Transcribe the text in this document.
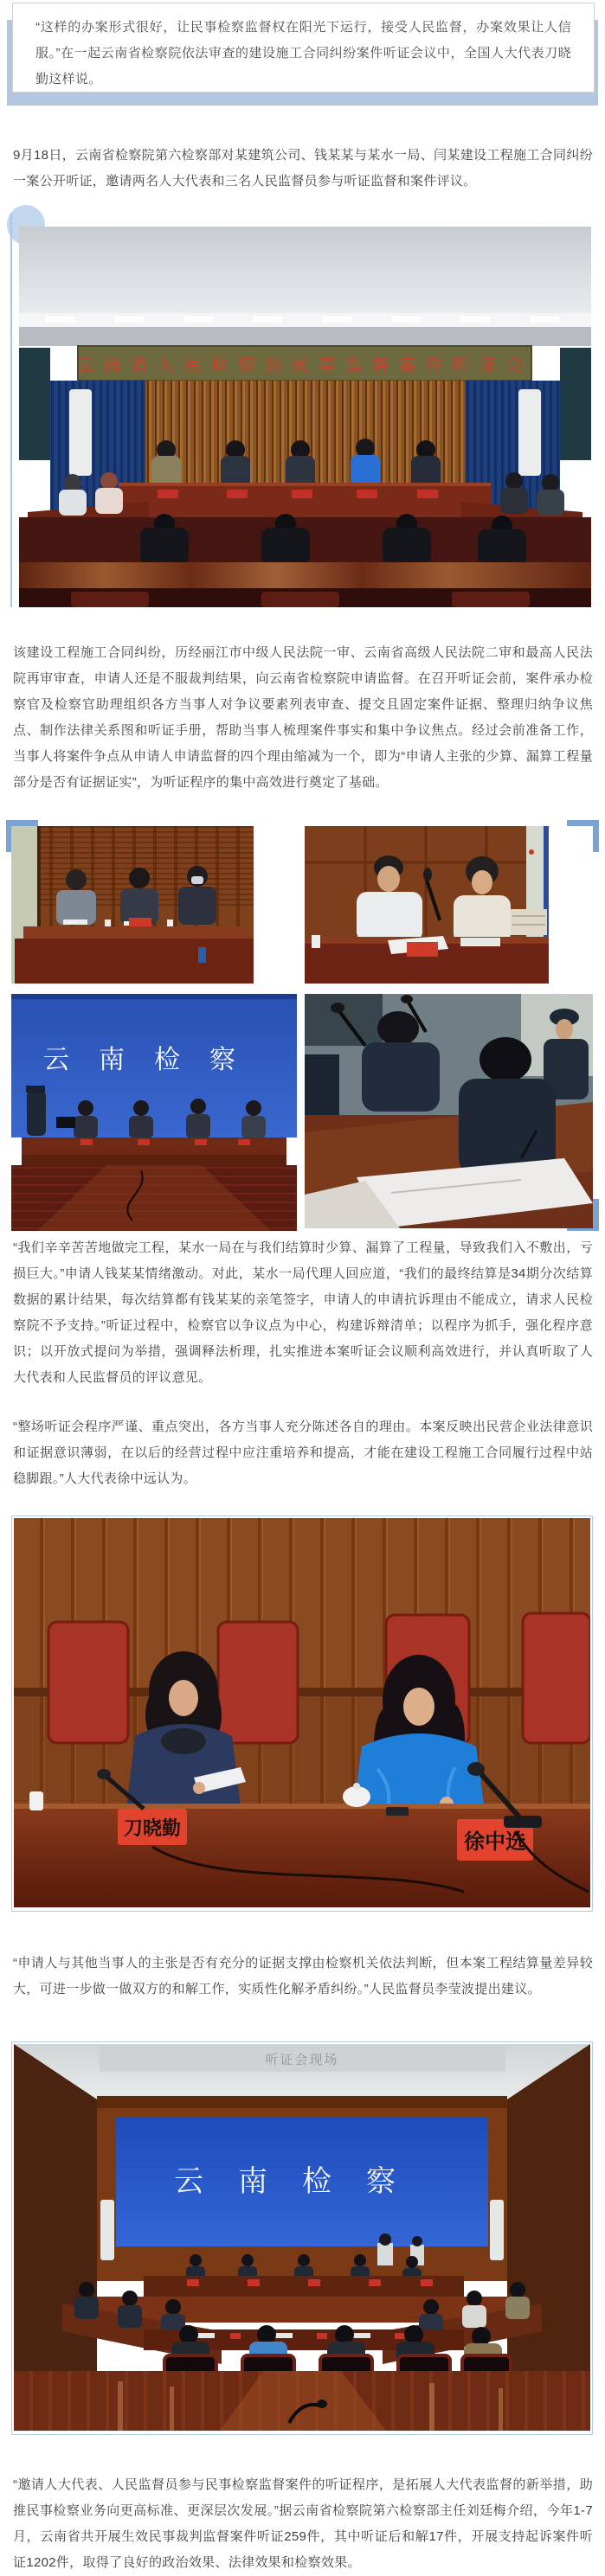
“这样的办案形式很好，让民事检察监督权在阳光下运行，接受人民监督，办案效果让人信服。”在一起云南省检察院依法审查的建设施工合同纠纷案件听证会议中，全国人大代表刀晓勤这样说。
9月18日，云南省检察院第六检察部对某建筑公司、钱某某与某水一局、闫某建设工程施工合同纠纷一案公开听证，邀请两名人大代表和三名人民监督员参与听证监督和案件评议。
云南省人民检察院民事监督案件听证会
该建设工程施工合同纠纷，历经丽江市中级人民法院一审、云南省高级人民法院二审和最高人民法院再审审查，申请人还是不服裁判结果，向云南省检察院申请监督。在召开听证会前，案件承办检察官及检察官助理组织各方当事人对争议要素列表审查、提交且固定案件证据、整理归纳争议焦点、制作法律关系图和听证手册，帮助当事人梳理案件事实和集中争议焦点。经过会前准备工作，当事人将案件争点从申请人申请监督的四个理由缩减为一个，即为“申请人主张的少算、漏算工程量部分是否有证据证实”，为听证程序的集中高效进行奠定了基础。
云南检察
“我们辛辛苦苦地做完工程，某水一局在与我们结算时少算、漏算了工程量，导致我们入不敷出，亏损巨大。”申请人钱某某情绪激动。对此，某水一局代理人回应道，“我们的最终结算是34期分次结算数据的累计结果，每次结算都有钱某某的亲笔签字，申请人的申请抗诉理由不能成立，请求人民检察院不予支持。”听证过程中，检察官以争议点为中心，构建诉辩清单；以程序为抓手，强化程序意识；以开放式提问为举措，强调释法析理，扎实推进本案听证会议顺利高效进行，并认真听取了人大代表和人民监督员的评议意见。
“整场听证会程序严谨、重点突出，各方当事人充分陈述各自的理由。本案反映出民营企业法律意识和证据意识薄弱，在以后的经营过程中应注重培养和提高，才能在建设工程施工合同履行过程中站稳脚跟。”人大代表徐中远认为。
刀晓勤
徐中选
“申请人与其他当事人的主张是否有充分的证据支撑由检察机关依法判断，但本案工程结算量差异较大，可进一步做一做双方的和解工作，实质性化解矛盾纠纷。”人民监督员李莹波提出建议。
听证会现场
云南检察
“邀请人大代表、人民监督员参与民事检察监督案件的听证程序，是拓展人大代表监督的新举措，助推民事检察业务向更高标准、更深层次发展。”据云南省检察院第六检察部主任刘廷梅介绍，今年1-7月，云南省共开展生效民事裁判监督案件听证259件，其中听证后和解17件，开展支持起诉案件听证1202件，取得了良好的政治效果、法律效果和检察效果。
